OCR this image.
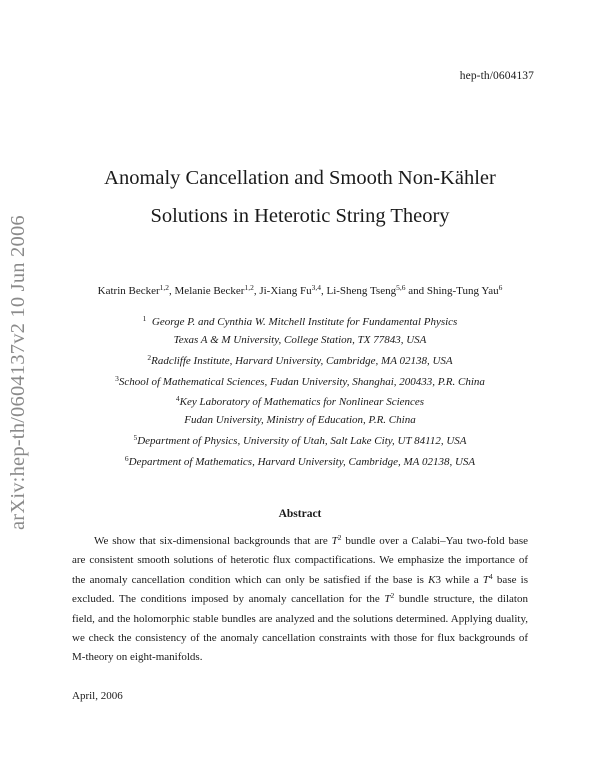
hep-th/0604137
arXiv:hep-th/0604137v2 10 Jun 2006
Anomaly Cancellation and Smooth Non-Kähler
Solutions in Heterotic String Theory
Katrin Becker$^{1,2}$, Melanie Becker$^{1,2}$, Ji-Xiang Fu$^{3,4}$, Li-Sheng Tseng$^{5,6}$ and Shing-Tung Yau$^6$
$^1$ George P. and Cynthia W. Mitchell Institute for Fundamental Physics
Texas A & M University, College Station, TX 77843, USA
$^2$Radcliffe Institute, Harvard University, Cambridge, MA 02138, USA
$^3$School of Mathematical Sciences, Fudan University, Shanghai, 200433, P.R. China
$^4$Key Laboratory of Mathematics for Nonlinear Sciences
Fudan University, Ministry of Education, P.R. China
$^5$Department of Physics, University of Utah, Salt Lake City, UT 84112, USA
$^6$Department of Mathematics, Harvard University, Cambridge, MA 02138, USA
Abstract
We show that six-dimensional backgrounds that are $T^2$ bundle over a Calabi–Yau two-fold base are consistent smooth solutions of heterotic flux compactifications. We emphasize the importance of the anomaly cancellation condition which can only be satisfied if the base is K3 while a $T^4$ base is excluded. The conditions imposed by anomaly cancellation for the $T^2$ bundle structure, the dilaton field, and the holomorphic stable bundles are analyzed and the solutions determined. Applying duality, we check the consistency of the anomaly cancellation constraints with those for flux backgrounds of M-theory on eight-manifolds.
April, 2006
